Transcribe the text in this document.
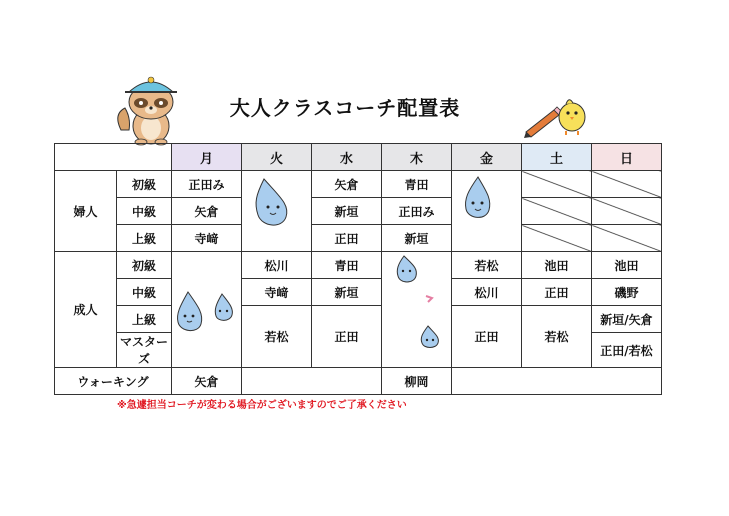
大人クラスコーチ配置表
		月	火	水	木	金	土	日
婦人	初級	正田み		矢倉	青田	

	中級	矢倉		新垣	正田み			
	上級	寺﨑		正田	新垣			
成人	初級		松川	青田		若松	池田	池田
	中級		寺﨑	新垣		松川	正田	磯野
	上級		若松	正田		正田	若松	新垣/矢倉
	マスターズ							正田/若松
ウォーキング		矢倉			柳岡			
※急遽担当コーチが変わる場合がございますのでご了承ください
